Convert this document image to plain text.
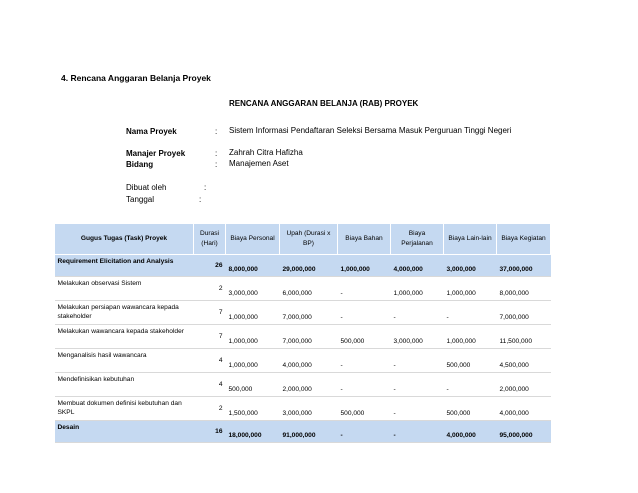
4. Rencana Anggaran Belanja Proyek
RENCANA ANGGARAN BELANJA (RAB) PROYEK
Nama Proyek	: Sistem Informasi Pendaftaran Seleksi Bersama Masuk Perguruan Tinggi Negeri
Manajer Proyek	: Zahrah Citra Hafizha
Bidang	: Manajemen Aset
Dibuat oleh	:
Tanggal	:
Gugus Tugas (Task) Proyek	Durasi (Hari)	Biaya Personal	Upah (Durasi x BP)	Biaya Bahan	Biaya Perjalanan	Biaya Lain-lain	Biaya Kegiatan
Requirement Elicitation and Analysis	26	8,000,000	29,000,000	1,000,000	4,000,000	3,000,000	37,000,000
Melakukan observasi Sistem	2	3,000,000	6,000,000	-	1,000,000	1,000,000	8,000,000
Melakukan persiapan wawancara kepada stakeholder	7	1,000,000	7,000,000	-	-	-	7,000,000
Melakukan wawancara kepada stakeholder	7	1,000,000	7,000,000	500,000	3,000,000	1,000,000	11,500,000
Menganalisis hasil wawancara	4	1,000,000	4,000,000	-	-	500,000	4,500,000
Mendefinisikan kebutuhan	4	500,000	2,000,000	-	-	-	2,000,000
Membuat dokumen definisi kebutuhan dan SKPL	2	1,500,000	3,000,000	500,000	-	500,000	4,000,000
Desain	16	18,000,000	91,000,000	-	-	4,000,000	95,000,000
